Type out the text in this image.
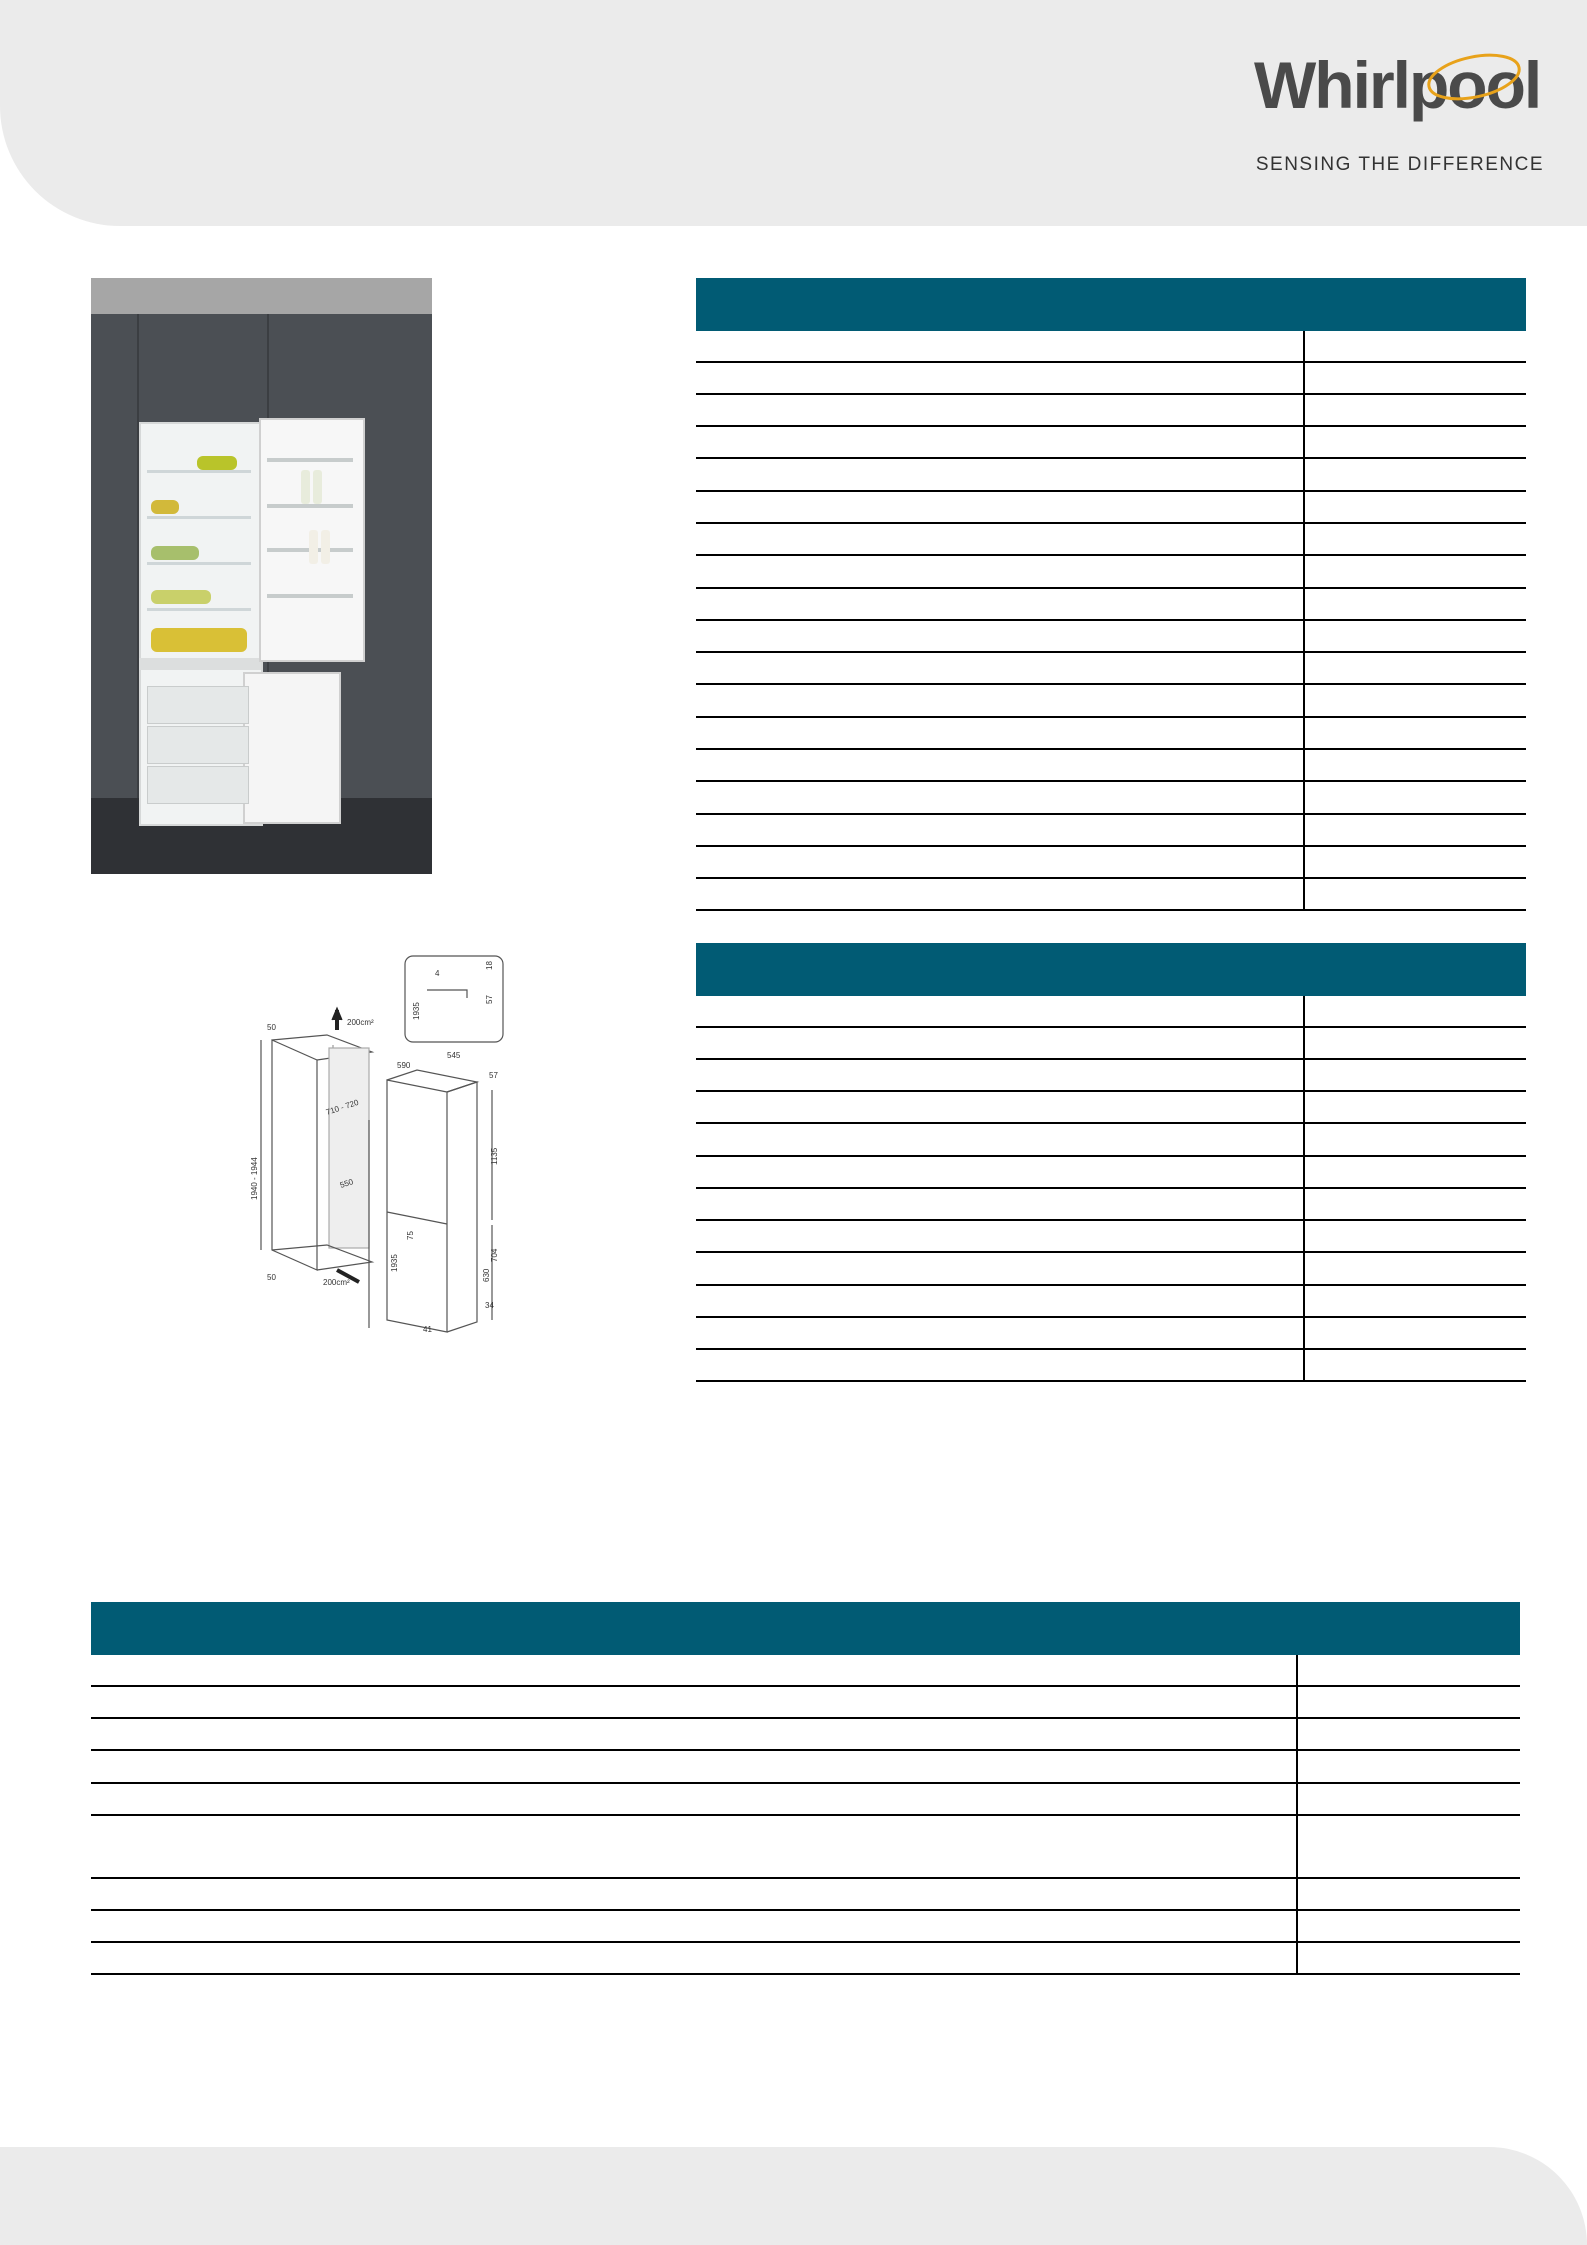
Whirlpool
SENSING THE DIFFERENCE
18
4
1935
57
200cm²
50
590
545
57
710 - 720
1135
1940 - 1944	550
75
704
630
1935
50
200cm²
34
41
